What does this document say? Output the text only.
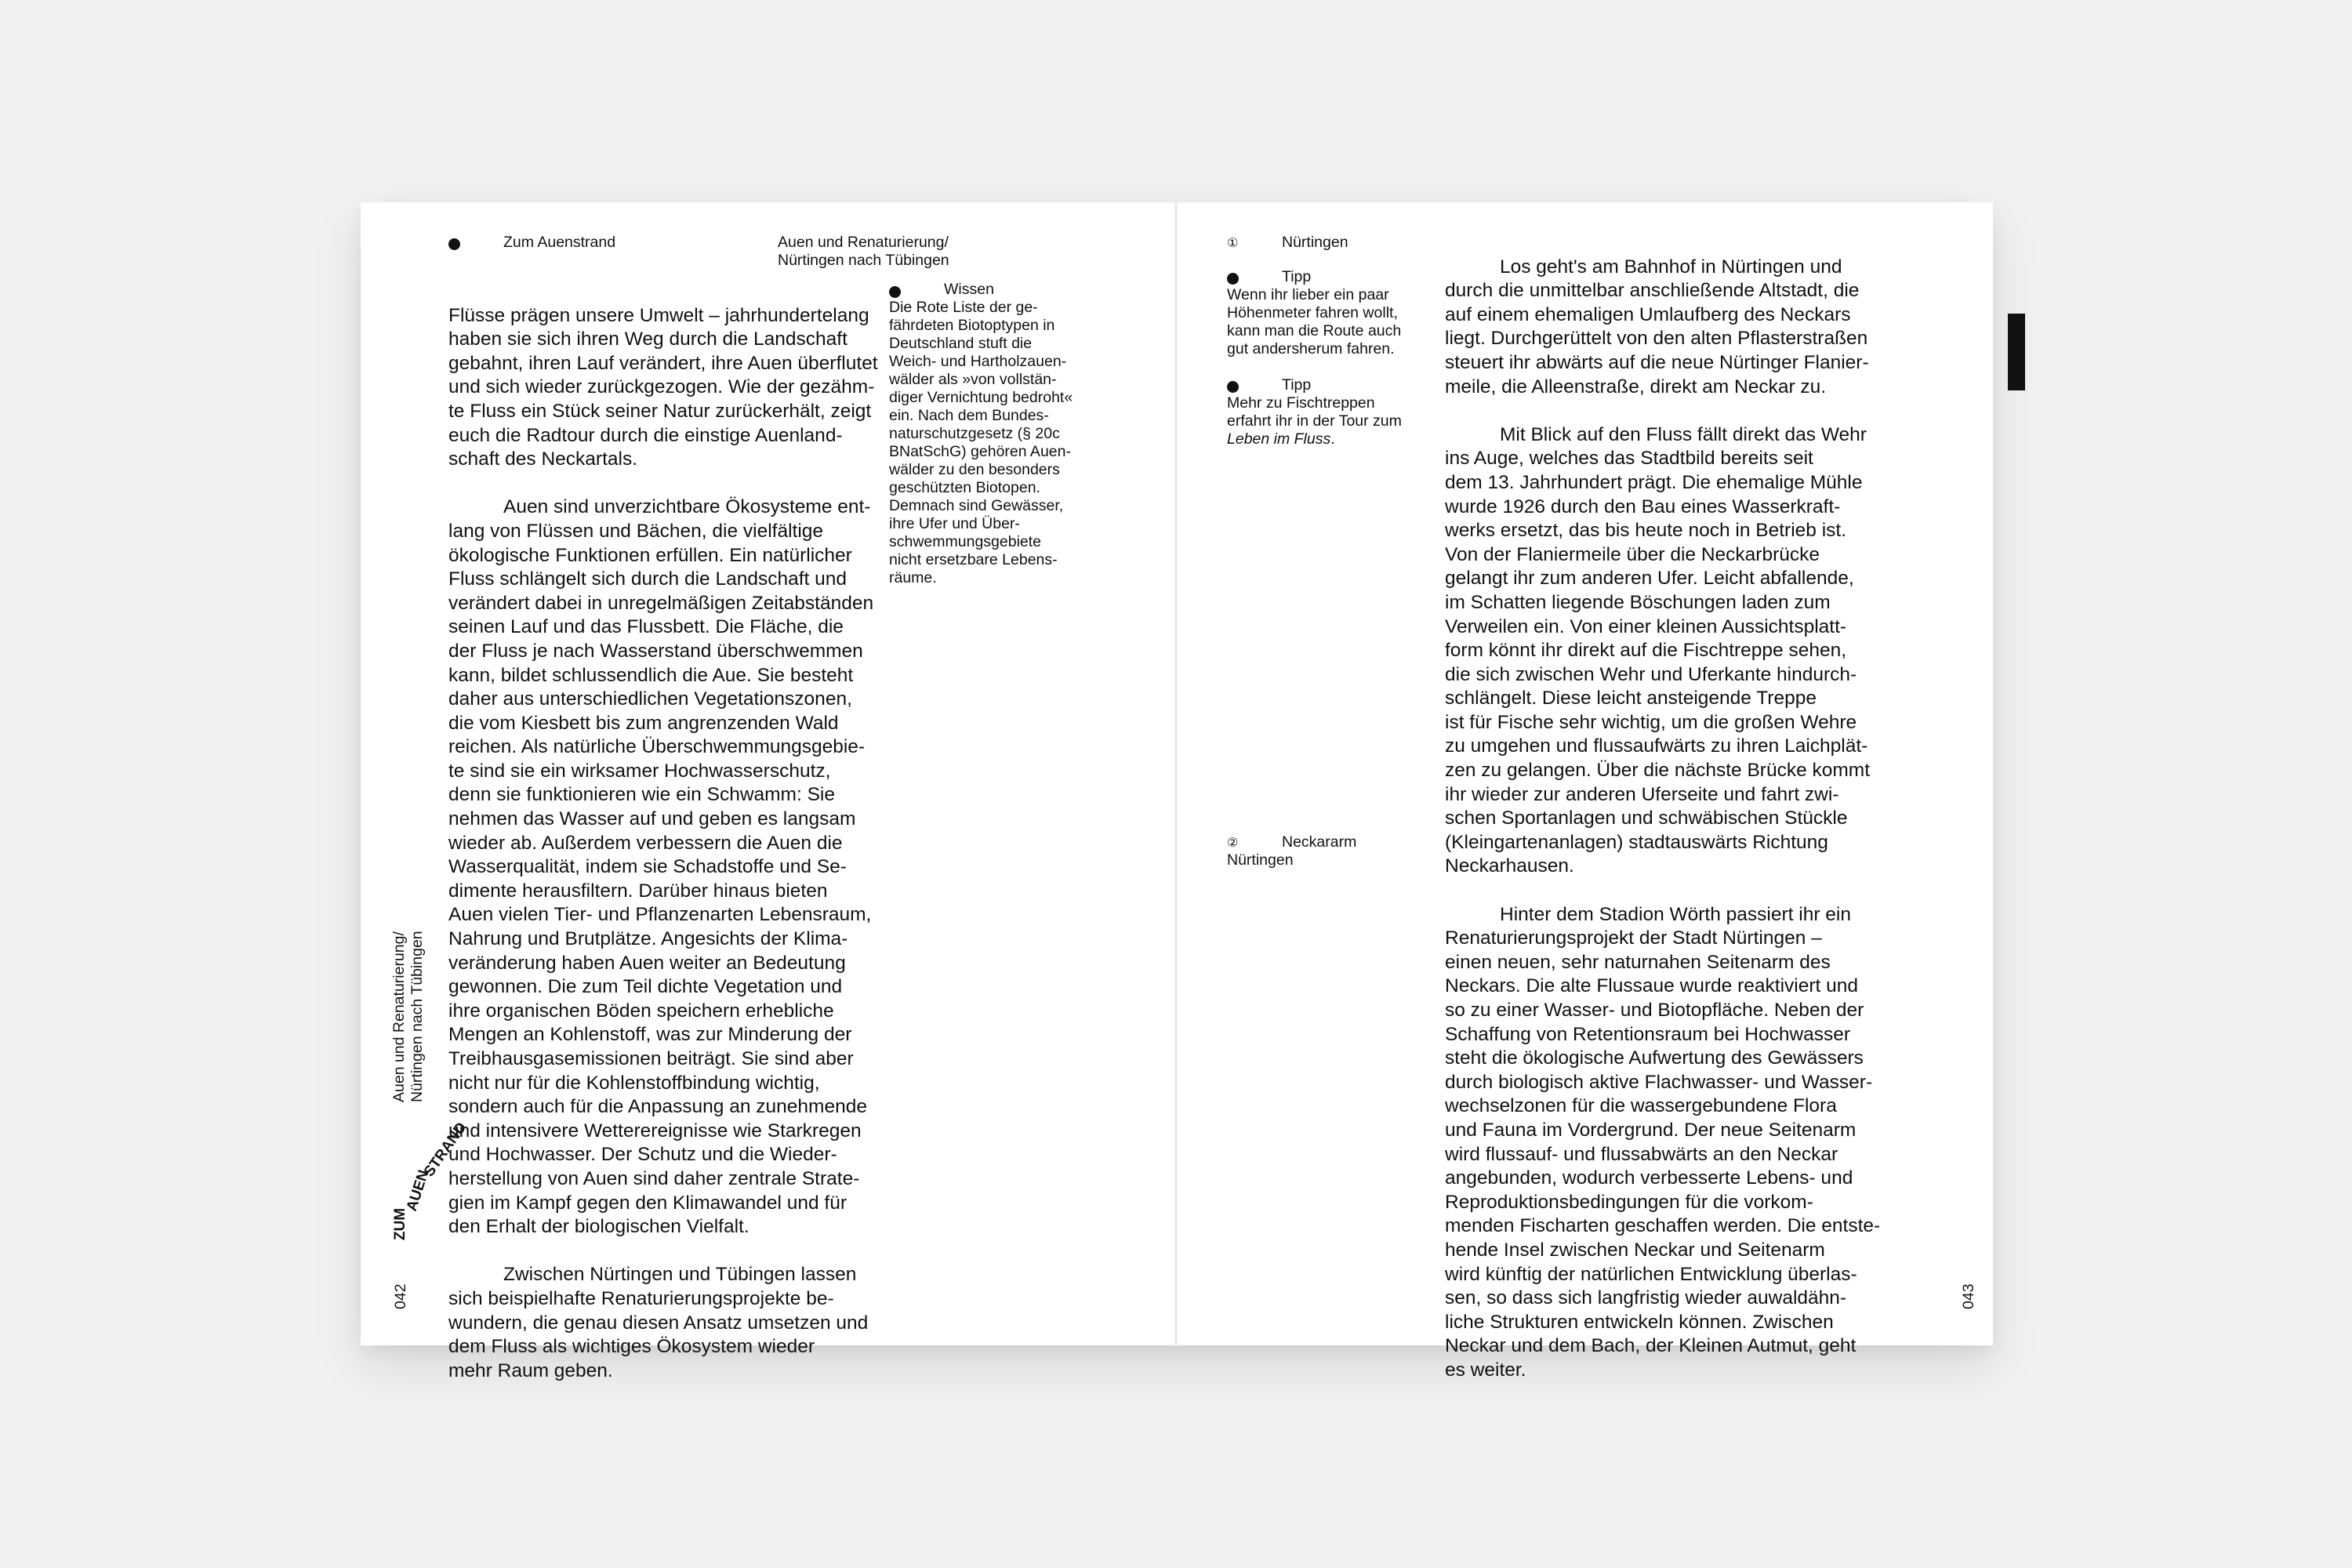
Zum Auenstrand	Auen und Renaturierung/
Nürtingen nach Tübingen

Flüsse prägen unsere Umwelt – jahrhundertelang
haben sie sich ihren Weg durch die Landschaft
gebahnt, ihren Lauf verändert, ihre Auen überflutet
und sich wieder zurückgezogen. Wie der gezähm-
te Fluss ein Stück seiner Natur zurückerhält, zeigt
euch die Radtour durch die einstige Auenland-
schaft des Neckartals.

Auen sind unverzichtbare Ökosysteme ent-
lang von Flüssen und Bächen, die vielfältige
ökologische Funktionen erfüllen. Ein natürlicher
Fluss schlängelt sich durch die Landschaft und
verändert dabei in unregelmäßigen Zeitabständen
seinen Lauf und das Flussbett. Die Fläche, die
der Fluss je nach Wasserstand überschwemmen
kann, bildet schlussendlich die Aue. Sie besteht
daher aus unterschiedlichen Vegetationszonen,
die vom Kiesbett bis zum angrenzenden Wald
reichen. Als natürliche Überschwemmungsgebie-
te sind sie ein wirksamer Hochwasserschutz,
denn sie funktionieren wie ein Schwamm: Sie
nehmen das Wasser auf und geben es langsam
wieder ab. Außerdem verbessern die Auen die
Wasserqualität, indem sie Schadstoffe und Se-
dimente herausfiltern. Darüber hinaus bieten
Auen vielen Tier- und Pflanzenarten Lebensraum,
Nahrung und Brutplätze. Angesichts der Klima-
veränderung haben Auen weiter an Bedeutung
gewonnen. Die zum Teil dichte Vegetation und
ihre organischen Böden speichern erhebliche
Mengen an Kohlenstoff, was zur Minderung der
Treibhausgasemissionen beiträgt. Sie sind aber
nicht nur für die Kohlenstoffbindung wichtig,
sondern auch für die Anpassung an zunehmende
und intensivere Wetterereignisse wie Starkregen
und Hochwasser. Der Schutz und die Wieder-
herstellung von Auen sind daher zentrale Strate-
gien im Kampf gegen den Klimawandel und für
den Erhalt der biologischen Vielfalt.

Zwischen Nürtingen und Tübingen lassen
sich beispielhafte Renaturierungsprojekte be-
wundern, die genau diesen Ansatz umsetzen und
dem Fluss als wichtiges Ökosystem wieder
mehr Raum geben.

Wissen
Die Rote Liste der ge-
fährdeten Biotoptypen in
Deutschland stuft die
Weich- und Hartholzauen-
wälder als »von vollstän-
diger Vernichtung bedroht«
ein. Nach dem Bundes-
naturschutzgesetz (§ 20c
BNatSchG) gehören Auen-
wälder zu den besonders
geschützten Biotopen.
Demnach sind Gewässer,
ihre Ufer und Über-
schwemmungsgebiete
nicht ersetzbare Lebens-
räume.
Auen und Renaturierung/ Nürtingen nach Tübingen
ZUM
AUEN
STRAND
042
①	Nürtingen
Tipp
Wenn ihr lieber ein paar
Höhenmeter fahren wollt,
kann man die Route auch
gut andersherum fahren.
Tipp
Mehr zu Fischtreppen
erfahrt ihr in der Tour zum
Leben im Fluss.
②	Neckararm
Nürtingen

Los geht's am Bahnhof in Nürtingen und
durch die unmittelbar anschließende Altstadt, die
auf einem ehemaligen Umlaufberg des Neckars
liegt. Durchgerüttelt von den alten Pflasterstraßen
steuert ihr abwärts auf die neue Nürtinger Flanier-
meile, die Alleenstraße, direkt am Neckar zu.

Mit Blick auf den Fluss fällt direkt das Wehr
ins Auge, welches das Stadtbild bereits seit
dem 13. Jahrhundert prägt. Die ehemalige Mühle
wurde 1926 durch den Bau eines Wasserkraft-
werks ersetzt, das bis heute noch in Betrieb ist.
Von der Flaniermeile über die Neckarbrücke
gelangt ihr zum anderen Ufer. Leicht abfallende,
im Schatten liegende Böschungen laden zum
Verweilen ein. Von einer kleinen Aussichtsplatt-
form könnt ihr direkt auf die Fischtreppe sehen,
die sich zwischen Wehr und Uferkante hindurch-
schlängelt. Diese leicht ansteigende Treppe
ist für Fische sehr wichtig, um die großen Wehre
zu umgehen und flussaufwärts zu ihren Laichplät-
zen zu gelangen. Über die nächste Brücke kommt
ihr wieder zur anderen Uferseite und fahrt zwi-
schen Sportanlagen und schwäbischen Stückle
(Kleingartenanlagen) stadtauswärts Richtung
Neckarhausen.

Hinter dem Stadion Wörth passiert ihr ein
Renaturierungsprojekt der Stadt Nürtingen –
einen neuen, sehr naturnahen Seitenarm des
Neckars. Die alte Flussaue wurde reaktiviert und
so zu einer Wasser- und Biotopfläche. Neben der
Schaffung von Retentionsraum bei Hochwasser
steht die ökologische Aufwertung des Gewässers
durch biologisch aktive Flachwasser- und Wasser-
wechselzonen für die wassergebundene Flora
und Fauna im Vordergrund. Der neue Seitenarm
wird flussauf- und flussabwärts an den Neckar
angebunden, wodurch verbesserte Lebens- und
Reproduktionsbedingungen für die vorkom-
menden Fischarten geschaffen werden. Die entste-
hende Insel zwischen Neckar und Seitenarm
wird künftig der natürlichen Entwicklung überlas-
sen, so dass sich langfristig wieder auwaldähn-
liche Strukturen entwickeln können. Zwischen
Neckar und dem Bach, der Kleinen Autmut, geht
es weiter.

043
